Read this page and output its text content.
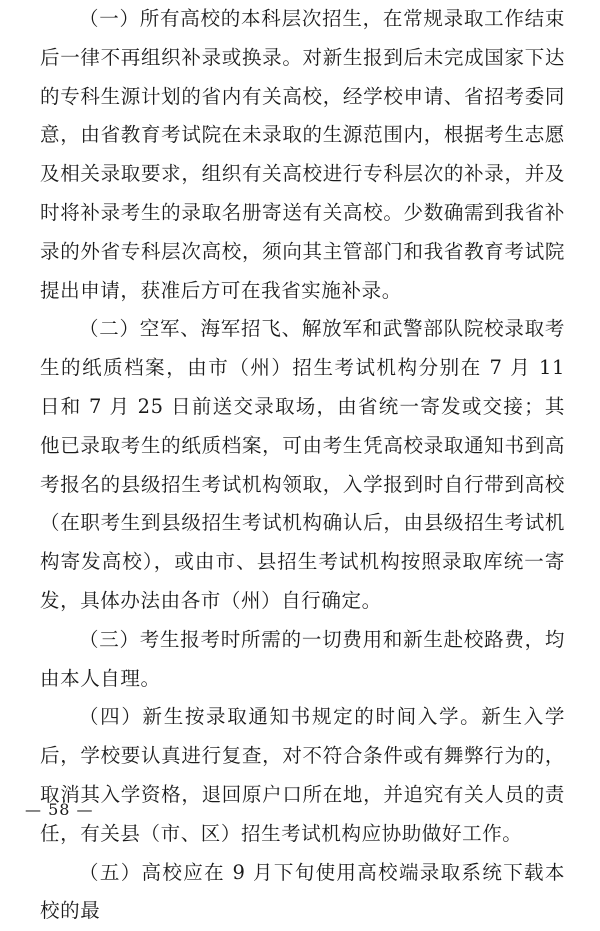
（一）所有高校的本科层次招生，在常规录取工作结束后一律不再组织补录或换录。对新生报到后未完成国家下达的专科生源计划的省内有关高校，经学校申请、省招考委同意，由省教育考试院在未录取的生源范围内，根据考生志愿及相关录取要求，组织有关高校进行专科层次的补录，并及时将补录考生的录取名册寄送有关高校。少数确需到我省补录的外省专科层次高校，须向其主管部门和我省教育考试院提出申请，获准后方可在我省实施补录。

（二）空军、海军招飞、解放军和武警部队院校录取考生的纸质档案，由市（州）招生考试机构分别在 7 月 11 日和 7 月 25 日前送交录取场，由省统一寄发或交接；其他已录取考生的纸质档案，可由考生凭高校录取通知书到高考报名的县级招生考试机构领取，入学报到时自行带到高校（在职考生到县级招生考试机构确认后，由县级招生考试机构寄发高校），或由市、县招生考试机构按照录取库统一寄发，具体办法由各市（州）自行确定。

（三）考生报考时所需的一切费用和新生赴校路费，均由本人自理。

（四）新生按录取通知书规定的时间入学。新生入学后，学校要认真进行复查，对不符合条件或有舞弊行为的，取消其入学资格，退回原户口所在地，并追究有关人员的责任，有关县（市、区）招生考试机构应协助做好工作。

（五）高校应在 9 月下旬使用高校端录取系统下载本校的最

— 58 —
